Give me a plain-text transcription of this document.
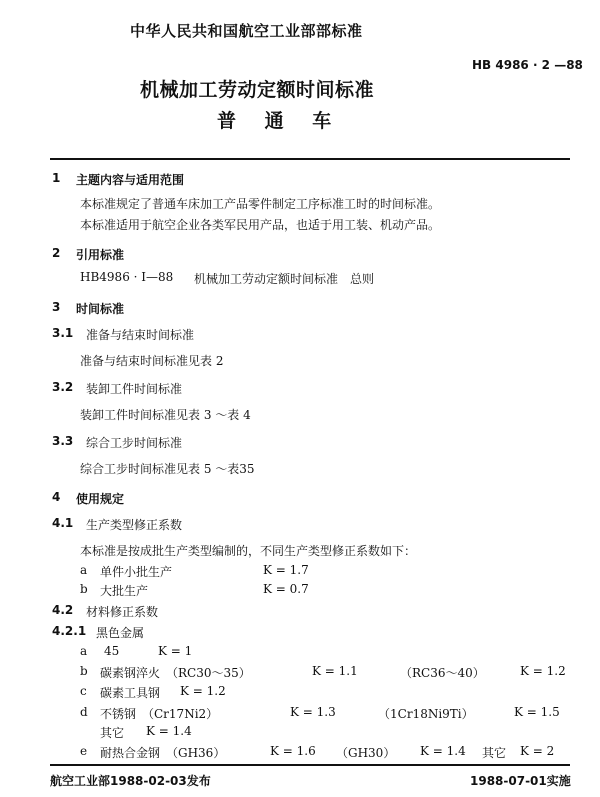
中华人民共和国航空工业部部标准
HB 4986 · 2 —88
机械加工劳动定额时间标准
普 通 车
1 主题内容与适用范围
本标准规定了普通车床加工产品零件制定工序标准工时的时间标准。
本标准适用于航空企业各类军民用产品，也适于用工装、机动产品。
2 引用标准
HB4986 · Ⅰ—88 机械加工劳动定额时间标准　总则
3 时间标准
3.1 准备与结束时间标准
准备与结束时间标准见表 2
3.2 装卸工件时间标准
装卸工件时间标准见表 3 ～表 4
3.3 综合工步时间标准
综合工步时间标准见表 5 ～表35
4 使用规定
4.1 生产类型修正系数
本标准是按成批生产类型编制的，不同生产类型修正系数如下：
a 单件小批生产	K = 1.7
b 大批生产	K = 0.7
4.2 材料修正系数
4.2.1 黑色金属
a 45	K = 1
b 碳素钢淬火　（RC30～35）	K = 1.1	（RC36～40）	K = 1.2
c 碳素工具钢 K = 1.2
d 不锈钢　（Cr17Ni2）	K = 1.3	（1Cr18Ni9Ti）	K = 1.5
其它 K = 1.4
e 耐热合金钢　（GH36）	K = 1.6 （GH30） K = 1.4 其它 K = 2
航空工业部1988-02-03发布	1988-07-01实施
